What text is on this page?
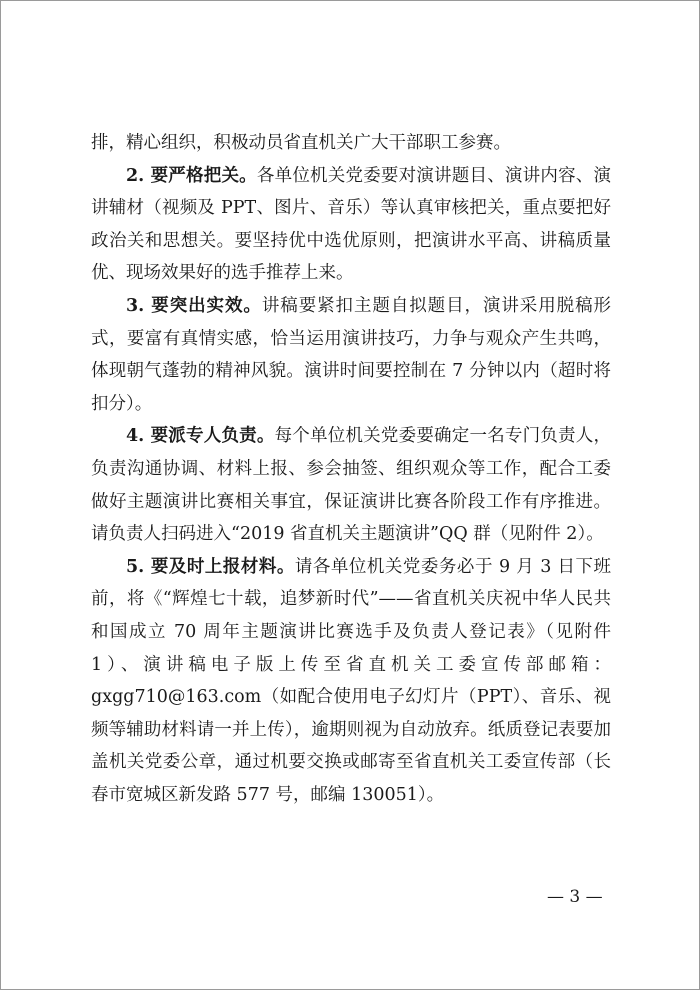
排，精心组织，积极动员省直机关广大干部职工参赛。

2. 要严格把关。各单位机关党委要对演讲题目、演讲内容、演讲辅材（视频及 PPT、图片、音乐）等认真审核把关，重点要把好政治关和思想关。要坚持优中选优原则，把演讲水平高、讲稿质量优、现场效果好的选手推荐上来。

3. 要突出实效。讲稿要紧扣主题自拟题目，演讲采用脱稿形式，要富有真情实感，恰当运用演讲技巧，力争与观众产生共鸣，体现朝气蓬勃的精神风貌。演讲时间要控制在 7 分钟以内（超时将扣分）。

4. 要派专人负责。每个单位机关党委要确定一名专门负责人，负责沟通协调、材料上报、参会抽签、组织观众等工作，配合工委做好主题演讲比赛相关事宜，保证演讲比赛各阶段工作有序推进。请负责人扫码进入“2019 省直机关主题演讲”QQ 群（见附件 2）。

5. 要及时上报材料。请各单位机关党委务必于 9 月 3 日下班前，将《“辉煌七十载，追梦新时代”——省直机关庆祝中华人民共和国成立 70 周年主题演讲比赛选手及负责人登记表》（见附件 1）、演讲稿电子版上传至省直机关工委宣传部邮箱：gxgg710@163.com（如配合使用电子幻灯片（PPT）、音乐、视频等辅助材料请一并上传），逾期则视为自动放弃。纸质登记表要加盖机关党委公章，通过机要交换或邮寄至省直机关工委宣传部（长春市宽城区新发路 577 号，邮编 130051）。

— 3 —
